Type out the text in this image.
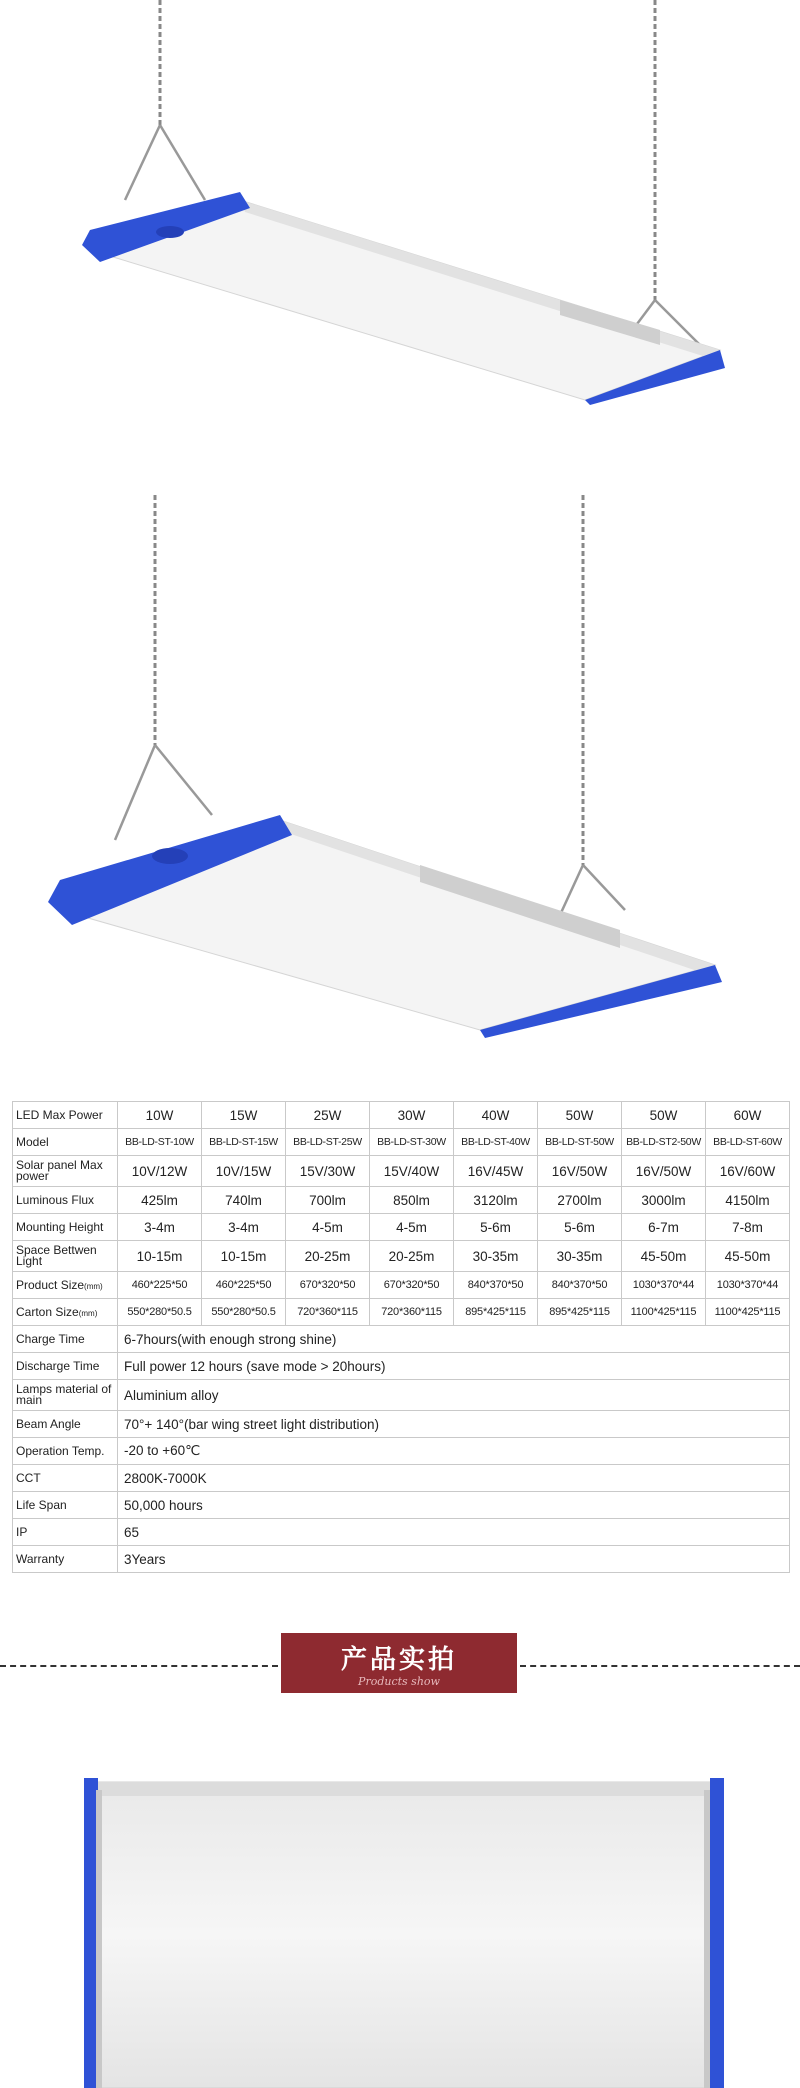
LED Max Power	10W	15W	25W	30W	40W	50W	50W	60W
Model	BB-LD-ST-10W	BB-LD-ST-15W	BB-LD-ST-25W	BB-LD-ST-30W	BB-LD-ST-40W	BB-LD-ST-50W	BB-LD-ST2-50W	BB-LD-ST-60W
Solar panel Max power	10V/12W	10V/15W	15V/30W	15V/40W	16V/45W	16V/50W	16V/50W	16V/60W
Luminous Flux	425lm	740lm	700lm	850lm	3120lm	2700lm	3000lm	4150lm
Mounting Height	3-4m	3-4m	4-5m	4-5m	5-6m	5-6m	6-7m	7-8m
Space Bettwen Light	10-15m	10-15m	20-25m	20-25m	30-35m	30-35m	45-50m	45-50m
Product Size(mm)	460*225*50	460*225*50	670*320*50	670*320*50	840*370*50	840*370*50	1030*370*44	1030*370*44
Carton Size(mm)	550*280*50.5	550*280*50.5	720*360*115	720*360*115	895*425*115	895*425*115	1100*425*115	1100*425*115
Charge Time	6-7hours(with enough strong shine)							
Discharge Time	Full power 12 hours (save mode > 20hours)							
Lamps material of main	Aluminium alloy							
Beam Angle	70°+ 140°(bar wing street light distribution)							
Operation Temp.	-20 to +60℃							
CCT	2800K-7000K							
Life Span	50,000 hours							
IP	65							
Warranty	3Years							
产品实拍
Products show
